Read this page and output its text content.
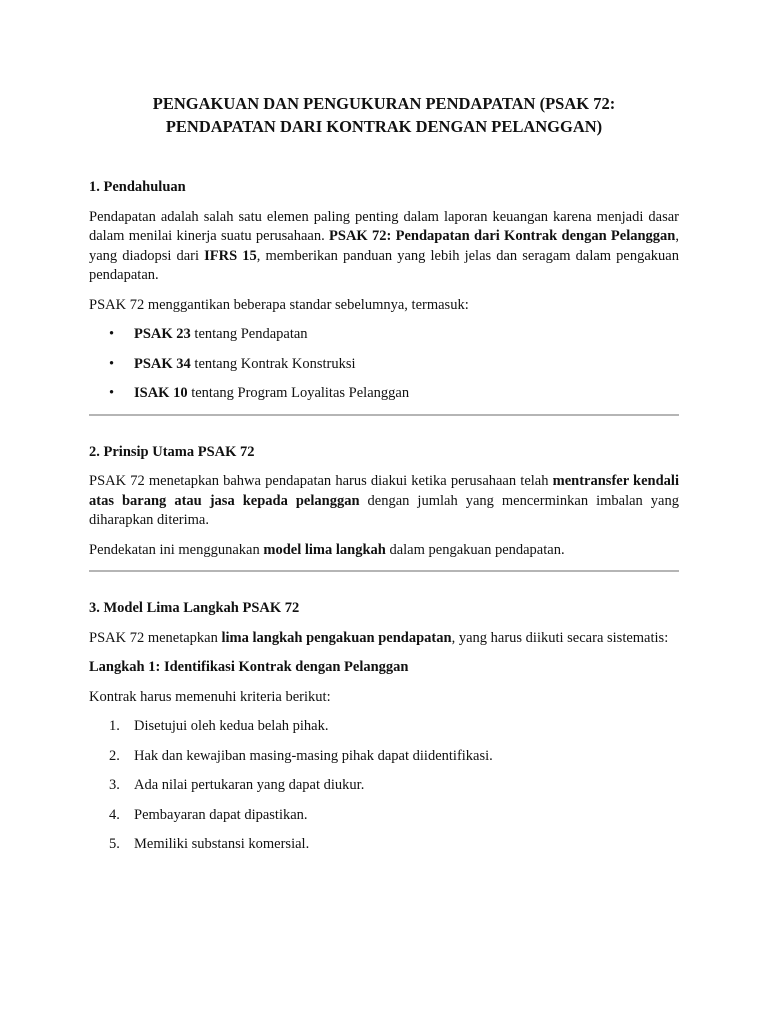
PENGAKUAN DAN PENGUKURAN PENDAPATAN (PSAK 72:
PENDAPATAN DARI KONTRAK DENGAN PELANGGAN)
1. Pendahuluan

Pendapatan adalah salah satu elemen paling penting dalam laporan keuangan karena menjadi dasar dalam menilai kinerja suatu perusahaan. PSAK 72: Pendapatan dari Kontrak dengan Pelanggan, yang diadopsi dari IFRS 15, memberikan panduan yang lebih jelas dan seragam dalam pengakuan pendapatan.

PSAK 72 menggantikan beberapa standar sebelumnya, termasuk:

• PSAK 23 tentang Pendapatan
• PSAK 34 tentang Kontrak Konstruksi
• ISAK 10 tentang Program Loyalitas Pelanggan
2. Prinsip Utama PSAK 72

PSAK 72 menetapkan bahwa pendapatan harus diakui ketika perusahaan telah mentransfer kendali atas barang atau jasa kepada pelanggan dengan jumlah yang mencerminkan imbalan yang diharapkan diterima.

Pendekatan ini menggunakan model lima langkah dalam pengakuan pendapatan.

3. Model Lima Langkah PSAK 72

PSAK 72 menetapkan lima langkah pengakuan pendapatan, yang harus diikuti secara sistematis:

Langkah 1: Identifikasi Kontrak dengan Pelanggan

Kontrak harus memenuhi kriteria berikut:

1. Disetujui oleh kedua belah pihak.
2. Hak dan kewajiban masing-masing pihak dapat diidentifikasi.
3. Ada nilai pertukaran yang dapat diukur.
4. Pembayaran dapat dipastikan.
5. Memiliki substansi komersial.
